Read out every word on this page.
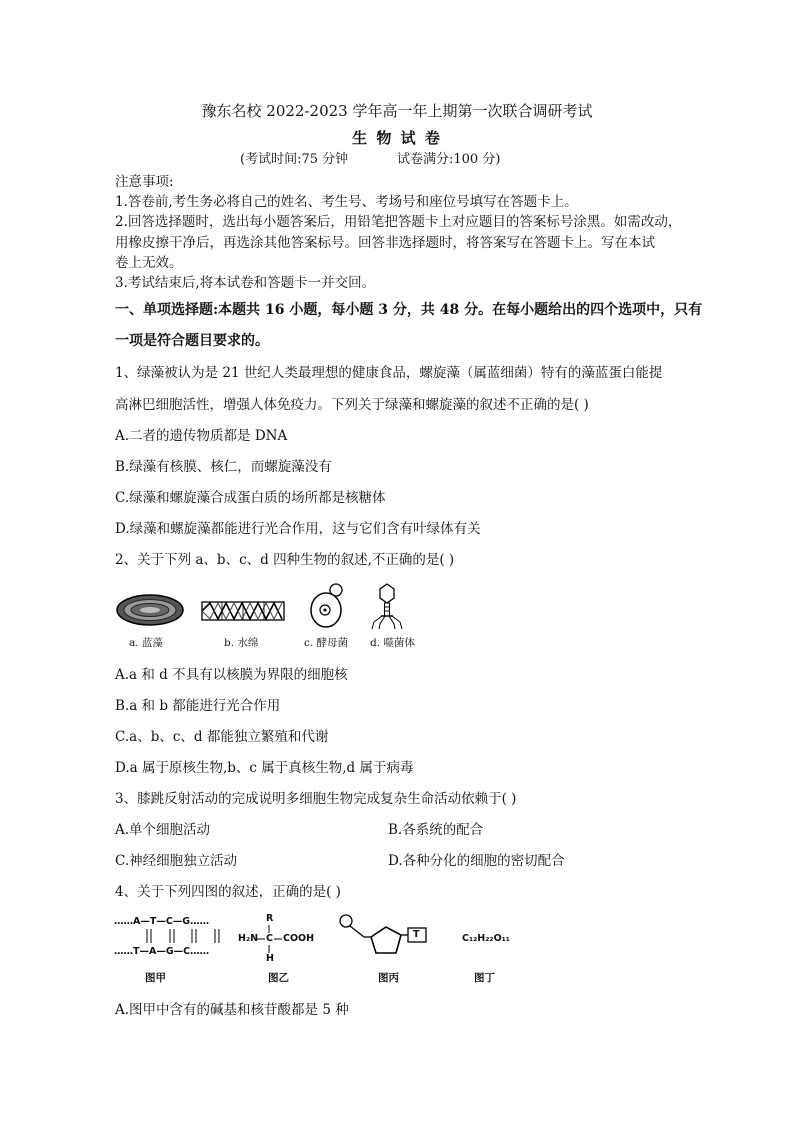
豫东名校 2022-2023 学年高一年上期第一次联合调研考试
生 物 试 卷
(考试时间:75 分钟	试卷满分:100 分)
注意事项:
1.答卷前,考生务必将自己的姓名、考生号、考场号和座位号填写在答题卡上。
2.回答选择题时，选出每小题答案后，用铅笔把答题卡上对应题目的答案标号涂黑。如需改动，
用橡皮擦干净后，再选涂其他答案标号。回答非选择题时，将答案写在答题卡上。写在本试
卷上无效。
3.考试结束后,将本试卷和答题卡一并交回。
一、单项选择题:本题共 16 小题，每小题 3 分，共 48 分。在每小题给出的四个选项中，只有
一项是符合题目要求的。
1、绿藻被认为是 21 世纪人类最理想的健康食品，螺旋藻（属蓝细菌）特有的藻蓝蛋白能提
高淋巴细胞活性，增强人体免疫力。下列关于绿藻和螺旋藻的叙述不正确的是( )
A.二者的遗传物质都是 DNA
B.绿藻有核膜、核仁，而螺旋藻没有
C.绿藻和螺旋藻合成蛋白质的场所都是核糖体
D.绿藻和螺旋藻都能进行光合作用，这与它们含有叶绿体有关
2、关于下列 a、b、c、d 四种生物的叙述,不正确的是( )
a. 蓝藻	b. 水绵	c. 酵母菌 d. 噬菌体
A.a 和 d 不具有以核膜为界限的细胞核
B.a 和 b 都能进行光合作用
C.a、b、c、d 都能独立繁殖和代谢
D.a 属于原核生物,b、c 属于真核生物,d 属于病毒
3、膝跳反射活动的完成说明多细胞生物完成复杂生命活动依赖于( )
A.单个细胞活动	B.各系统的配合
C.神经细胞独立活动	D.各种分化的细胞的密切配合
4、关于下列四图的叙述，正确的是( )
……A—T—C—G……
……T—A—G—C……
图甲
R
H₂N C COOH
H
图乙
T
图丙
C₁₂H₂₂O₁₁
图丁
A.图甲中含有的碱基和核苷酸都是 5 种
